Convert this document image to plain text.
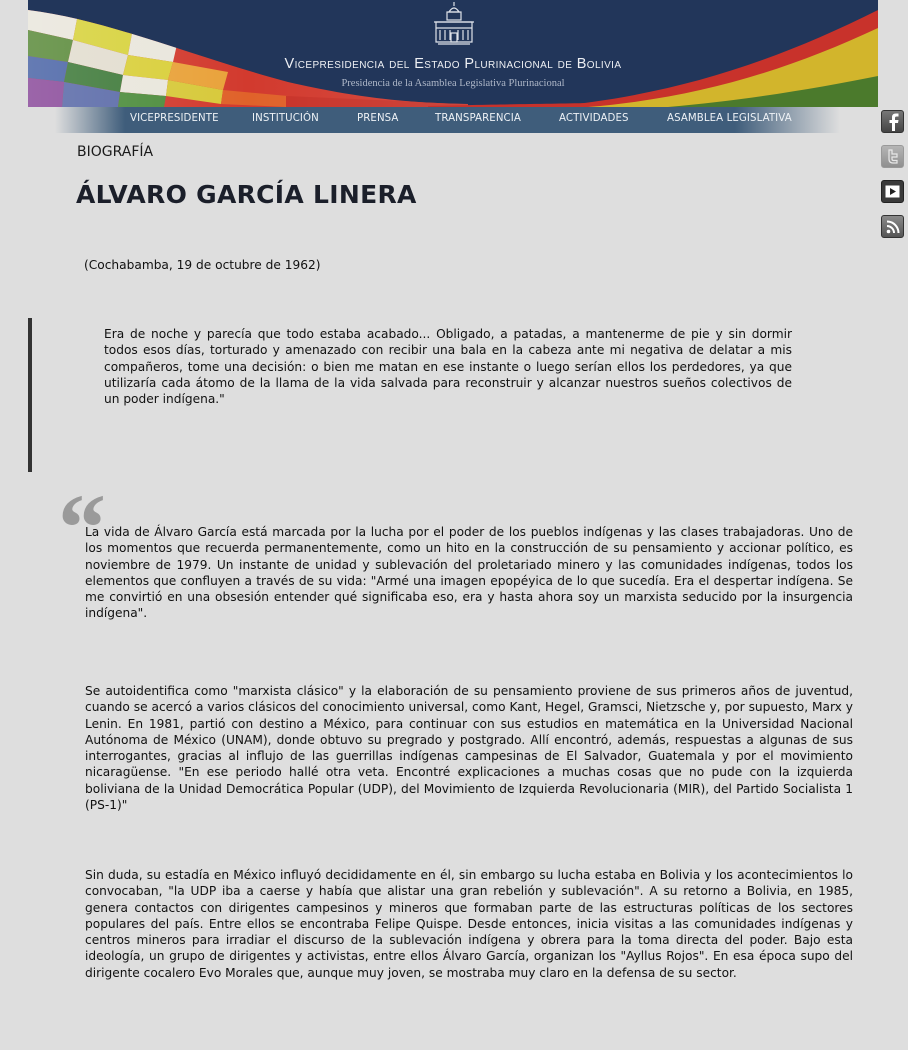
Vicepresidencia del Estado Plurinacional de Bolivia
Presidencia de la Asamblea Legislativa Plurinacional
VICEPRESIDENTE	INSTITUCIÓN	PRENSA	TRANSPARENCIA	ACTIVIDADES	ASAMBLEA LEGISLATIVA
BIOGRAFÍA
ÁLVARO GARCÍA LINERA
(Cochabamba, 19 de octubre de 1962)
Era de noche y parecía que todo estaba acabado... Obligado, a patadas, a mantenerme de pie y sin dormir todos esos días, torturado y amenazado con recibir una bala en la cabeza ante mi negativa de delatar a mis compañeros, tome una decisión: o bien me matan en ese instante o luego serían ellos los perdedores, ya que utilizaría cada átomo de la llama de la vida salvada para reconstruir y alcanzar nuestros sueños colectivos de un poder indígena."
“

La vida de Álvaro García está marcada por la lucha por el poder de los pueblos indígenas y las clases trabajadoras. Uno de los momentos que recuerda permanentemente, como un hito en la construcción de su pensamiento y accionar político, es noviembre de 1979. Un instante de unidad y sublevación del proletariado minero y las comunidades indígenas, todos los elementos que confluyen a través de su vida: "Armé una imagen epopéyica de lo que sucedía. Era el despertar indígena. Se me convirtió en una obsesión entender qué significaba eso, era y hasta ahora soy un marxista seducido por la insurgencia indígena".

Se autoidentifica como "marxista clásico" y la elaboración de su pensamiento proviene de sus primeros años de juventud, cuando se acercó a varios clásicos del conocimiento universal, como Kant, Hegel, Gramsci, Nietzsche y, por supuesto, Marx y Lenin. En 1981, partió con destino a México, para continuar con sus estudios en matemática en la Universidad Nacional Autónoma de México (UNAM), donde obtuvo su pregrado y postgrado. Allí encontró, además, respuestas a algunas de sus interrogantes, gracias al influjo de las guerrillas indígenas campesinas de El Salvador, Guatemala y por el movimiento nicaragüense. "En ese periodo hallé otra veta. Encontré explicaciones a muchas cosas que no pude con la izquierda boliviana de la Unidad Democrática Popular (UDP), del Movimiento de Izquierda Revolucionaria (MIR), del Partido Socialista 1 (PS-1)"

Sin duda, su estadía en México influyó decididamente en él, sin embargo su lucha estaba en Bolivia y los acontecimientos lo convocaban, "la UDP iba a caerse y había que alistar una gran rebelión y sublevación". A su retorno a Bolivia, en 1985, genera contactos con dirigentes campesinos y mineros que formaban parte de las estructuras políticas de los sectores populares del país. Entre ellos se encontraba Felipe Quispe. Desde entonces, inicia visitas a las comunidades indígenas y centros mineros para irradiar el discurso de la sublevación indígena y obrera para la toma directa del poder. Bajo esta ideología, un grupo de dirigentes y activistas, entre ellos Álvaro García, organizan los "Ayllus Rojos". En esa época supo del dirigente cocalero Evo Morales que, aunque muy joven, se mostraba muy claro en la defensa de su sector.
